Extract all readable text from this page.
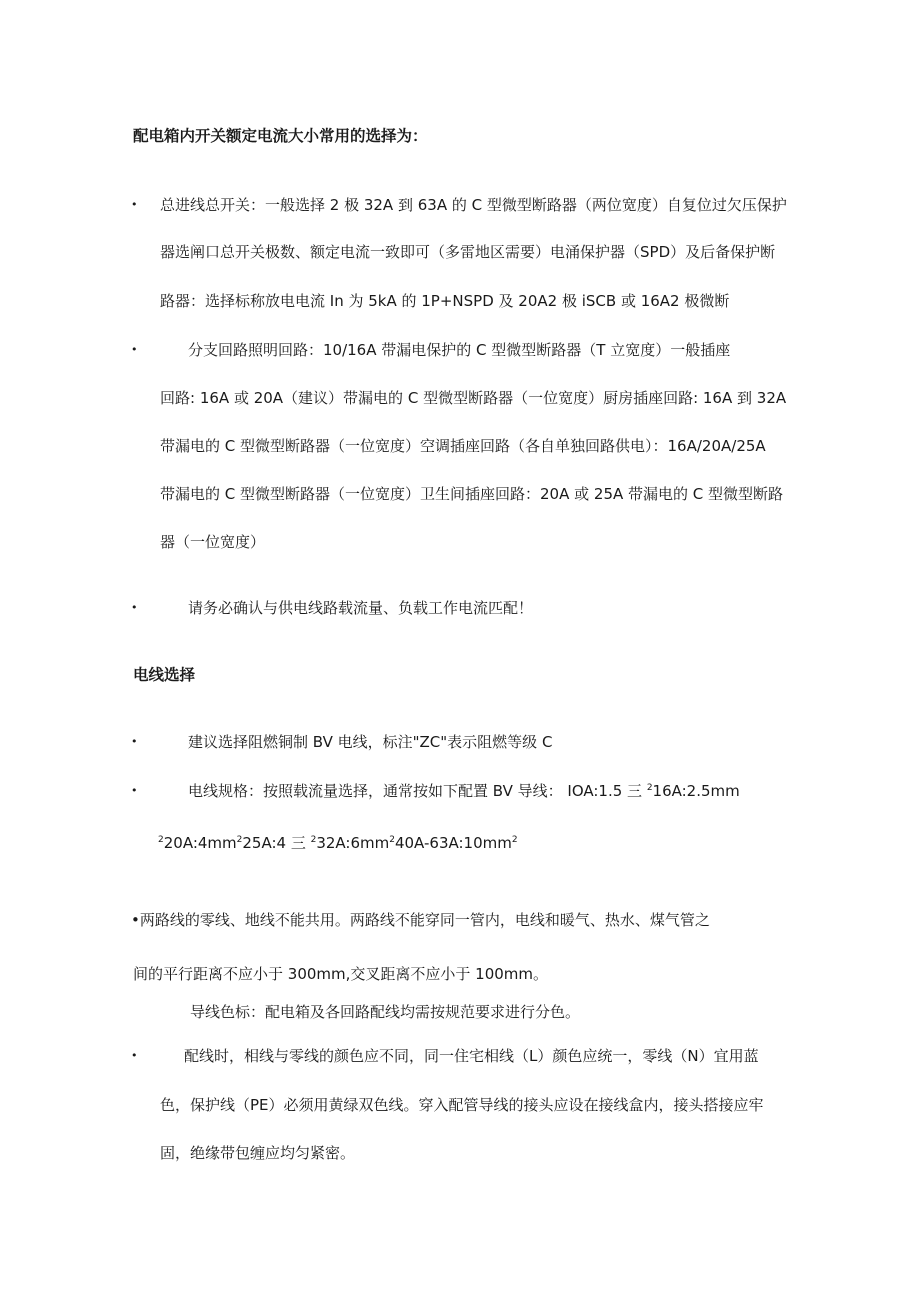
配电箱内开关额定电流大小常用的选择为：
• 总进线总开关：一般选择 2 极 32A 到 63A 的 C 型微型断路器（两位宽度）自复位过欠压保护
器选阐口总开关极数、额定电流一致即可（多雷地区需要）电涌保护器（SPD）及后备保护断
路器：选择标称放电电流 In 为 5kA 的 1P+NSPD 及 20A2 极 iSCB 或 16A2 极微断
•	分支回路照明回路：10/16A 带漏电保护的 C 型微型断路器（T 立宽度）一般插座
回路: 16A 或 20A（建议）带漏电的 C 型微型断路器（一位宽度）厨房插座回路: 16A 到 32A
带漏电的 C 型微型断路器（一位宽度）空调插座回路（各自单独回路供电）：16A/20A/25A
带漏电的 C 型微型断路器（一位宽度）卫生间插座回路：20A 或 25A 带漏电的 C 型微型断路
器（一位宽度）
•	请务必确认与供电线路载流量、负载工作电流匹配！
电线选择
•	建议选择阻燃铜制 BV 电线，标注"ZC"表示阻燃等级 C
•	电线规格：按照载流量选择，通常按如下配置 BV 导线： IOA:1.5 三 $^2$16A:2.5mm
$^220A:4mm^225A:4$ 三 $^232A:6mm^240A-63A:10mm^2$
•两路线的零线、地线不能共用。两路线不能穿同一管内，电线和暖气、热水、煤气管之
间的平行距离不应小于 300mm,交叉距离不应小于 100mm。
导线色标：配电箱及各回路配线均需按规范要求进行分色。
•	配线时，相线与零线的颜色应不同，同一住宅相线（L）颜色应统一，零线（N）宜用蓝
色，保护线（PE）必须用黄绿双色线。穿入配管导线的接头应设在接线盒内，接头搭接应牢
固，绝缘带包缠应均匀紧密。
